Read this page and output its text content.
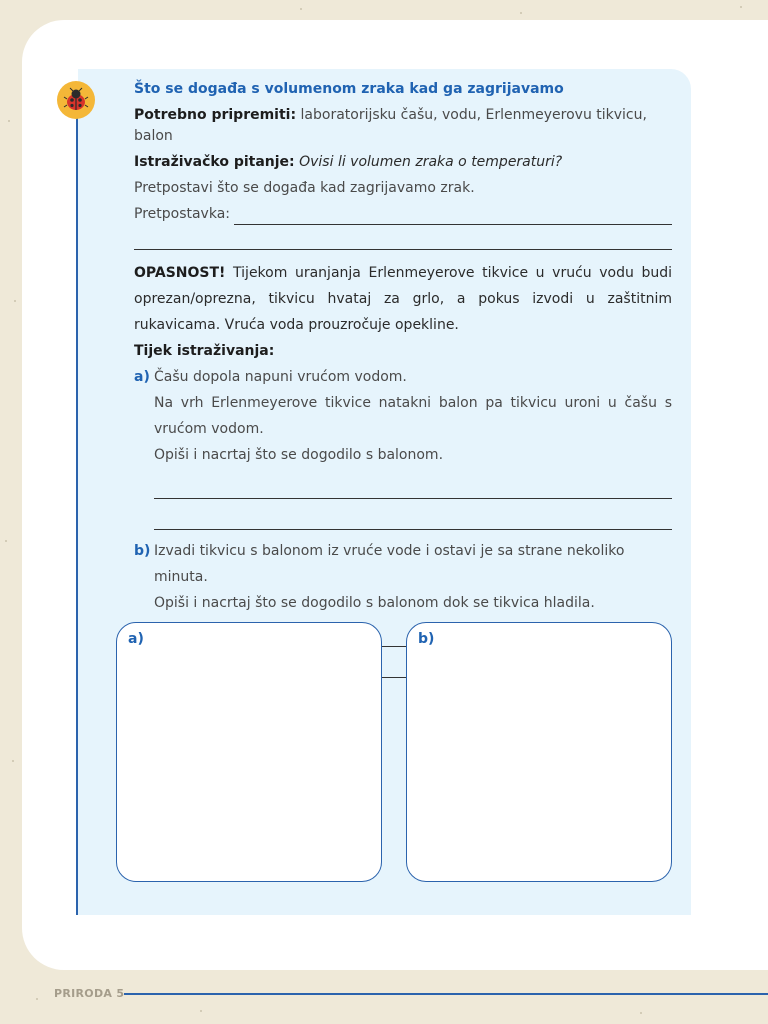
Što se događa s volumenom zraka kad ga zagrijavamo
Potrebno pripremiti: laboratorijsku čašu, vodu, Erlenmeyerovu tikvicu, balon
Istraživačko pitanje: Ovisi li volumen zraka o temperaturi?
Pretpostavi što se događa kad zagrijavamo zrak.
Pretpostavka:
OPASNOST! Tijekom uranjanja Erlenmeyerove tikvice u vruću vodu budi oprezan/oprezna, tikvicu hvataj za grlo, a pokus izvodi u zaštitnim rukavicama. Vruća voda prouzročuje opekline.
Tijek istraživanja:
a) Čašu dopola napuni vrućom vodom.
Na vrh Erlenmeyerove tikvice natakni balon pa tikvicu uroni u čašu s vrućom vodom.
Opiši i nacrtaj što se dogodilo s balonom.
b) Izvadi tikvicu s balonom iz vruće vode i ostavi je sa strane nekoliko minuta.
Opiši i nacrtaj što se dogodilo s balonom dok se tikvica hladila.
a)	b)
PRIRODA 5
